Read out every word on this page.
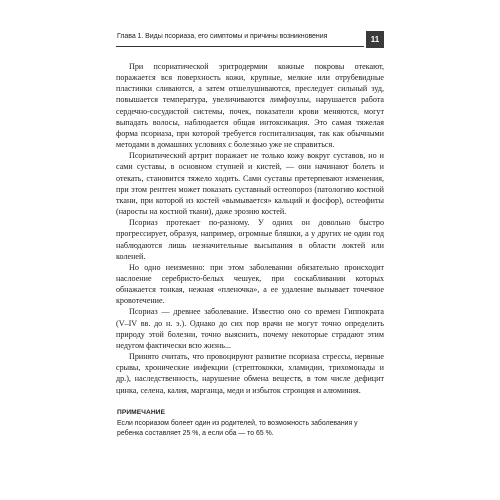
Глава 1. Виды псориаза, его симптомы и причины возникновения	11

При псориатической эритродермии кожные покровы отекают, поражается вся поверхность кожи, крупные, мелкие или отрубевидные пластинки сливаются, а затем отшелушиваются, преследует сильный зуд, повышается температура, увеличиваются лимфоузлы, нарушается работа сердечно-сосудистой системы, почек, показатели крови меняются, могут выпадать волосы, наблюдается общая интоксикация. Это самая тяжелая форма псориаза, при которой требуется госпитализация, так как обычными методами в домашних условиях с болезнью уже не справиться.

Псориатический артрит поражает не только кожу вокруг суставов, но и сами суставы, в основном ступней и кистей, — они начинают болеть и отекать, становится тяжело ходить. Сами суставы претерпевают изменения, при этом рентген может показать суставный остеопороз (патологию костной ткани, при которой из костей «вымывается» кальций и фосфор), остеофиты (наросты на костной ткани), даже эрозию костей.

Псориаз протекает по-разному. У одних он довольно быстро прогрессирует, образуя, например, огромные бляшки, а у других не один год наблюдаются лишь незначительные высыпания в области локтей или коленей.

Но одно неизменно: при этом заболевании обязательно происходит наслоение серебристо-белых чешуек, при соскабливании которых обнажается тонкая, нежная «пленочка», а ее удаление вызывает точечное кровотечение.

Псориаз — древнее заболевание. Известно оно со времен Гиппократа (V–IV вв. до н. э.). Однако до сих пор врачи не могут точно определить природу этой болезни, точно выяснить, почему некоторые страдают этим недугом фактически всю жизнь...

Принято считать, что провоцируют развитие псориаза стрессы, нервные срывы, хронические инфекции (стрептококки, хламидии, трихомонады и др.), наследственность, нарушение обмена веществ, в том числе дефицит цинка, селена, калия, марганца, меди и избыток стронция и алюминия.

ПРИМЕЧАНИЕ
Если псориазом болеет один из родителей, то возможность заболевания у ребенка составляет 25 %, а если оба — то 65 %.
